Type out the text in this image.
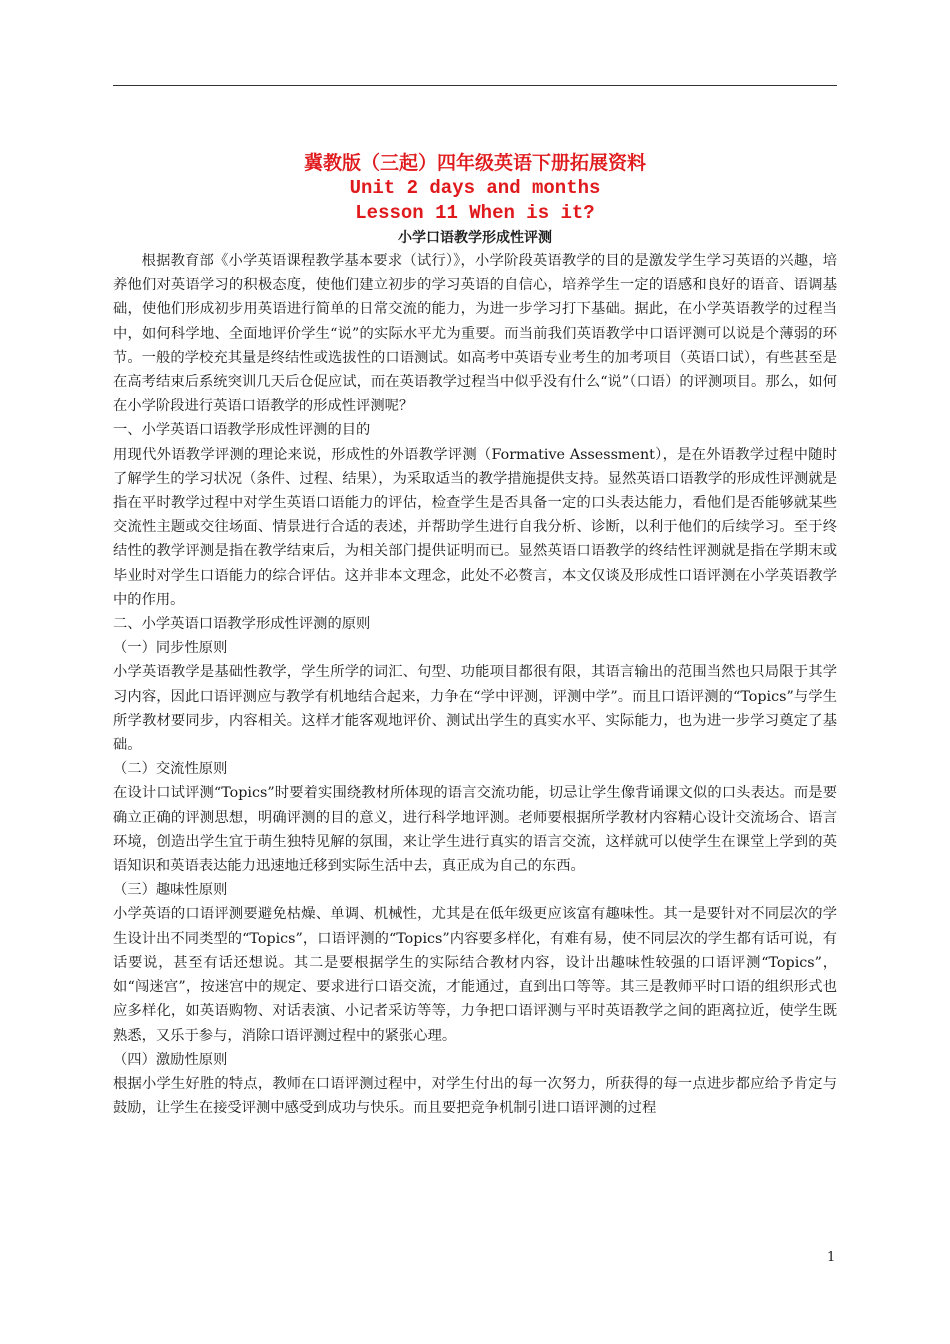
冀教版（三起）四年级英语下册拓展资料
Unit 2 days and months
Lesson 11 When is it?
小学口语教学形成性评测

根据教育部《小学英语课程教学基本要求（试行）》，小学阶段英语教学的目的是激发学生学习英语的兴趣，培养他们对英语学习的积极态度，使他们建立初步的学习英语的自信心，培养学生一定的语感和良好的语音、语调基础，使他们形成初步用英语进行简单的日常交流的能力，为进一步学习打下基础。据此，在小学英语教学的过程当中，如何科学地、全面地评价学生“说”的实际水平尤为重要。而当前我们英语教学中口语评测可以说是个薄弱的环节。一般的学校充其量是终结性或选拔性的口语测试。如高考中英语专业考生的加考项目（英语口试），有些甚至是在高考结束后系统突训几天后仓促应试，而在英语教学过程当中似乎没有什么“说”（口语）的评测项目。那么，如何在小学阶段进行英语口语教学的形成性评测呢？

一、小学英语口语教学形成性评测的目的

用现代外语教学评测的理论来说，形成性的外语教学评测（Formative Assessment），是在外语教学过程中随时了解学生的学习状况（条件、过程、结果），为采取适当的教学措施提供支持。显然英语口语教学的形成性评测就是指在平时教学过程中对学生英语口语能力的评估，检查学生是否具备一定的口头表达能力，看他们是否能够就某些交流性主题或交往场面、情景进行合适的表述，并帮助学生进行自我分析、诊断，以利于他们的后续学习。至于终结性的教学评测是指在教学结束后，为相关部门提供证明而已。显然英语口语教学的终结性评测就是指在学期末或毕业时对学生口语能力的综合评估。这并非本文理念，此处不必赘言，本文仅谈及形成性口语评测在小学英语教学中的作用。

二、小学英语口语教学形成性评测的原则

（一）同步性原则

小学英语教学是基础性教学，学生所学的词汇、句型、功能项目都很有限，其语言输出的范围当然也只局限于其学习内容，因此口语评测应与教学有机地结合起来，力争在“学中评测，评测中学”。而且口语评测的“Topics”与学生所学教材要同步，内容相关。这样才能客观地评价、测试出学生的真实水平、实际能力，也为进一步学习奠定了基础。

（二）交流性原则

在设计口试评测“Topics”时要着实围绕教材所体现的语言交流功能，切忌让学生像背诵课文似的口头表达。而是要确立正确的评测思想，明确评测的目的意义，进行科学地评测。老师要根据所学教材内容精心设计交流场合、语言环境，创造出学生宜于萌生独特见解的氛围，来让学生进行真实的语言交流，这样就可以使学生在课堂上学到的英语知识和英语表达能力迅速地迁移到实际生活中去，真正成为自己的东西。

（三）趣味性原则

小学英语的口语评测要避免枯燥、单调、机械性，尤其是在低年级更应该富有趣味性。其一是要针对不同层次的学生设计出不同类型的“Topics”，口语评测的“Topics”内容要多样化，有难有易，使不同层次的学生都有话可说，有话要说，甚至有话还想说。其二是要根据学生的实际结合教材内容，设计出趣味性较强的口语评测“Topics”，如“闯迷宫”，按迷宫中的规定、要求进行口语交流，才能通过，直到出口等等。其三是教师平时口语的组织形式也应多样化，如英语购物、对话表演、小记者采访等等，力争把口语评测与平时英语教学之间的距离拉近，使学生既熟悉，又乐于参与，消除口语评测过程中的紧张心理。

（四）激励性原则

根据小学生好胜的特点，教师在口语评测过程中，对学生付出的每一次努力，所获得的每一点进步都应给予肯定与鼓励，让学生在接受评测中感受到成功与快乐。而且要把竞争机制引进口语评测的过程

1
